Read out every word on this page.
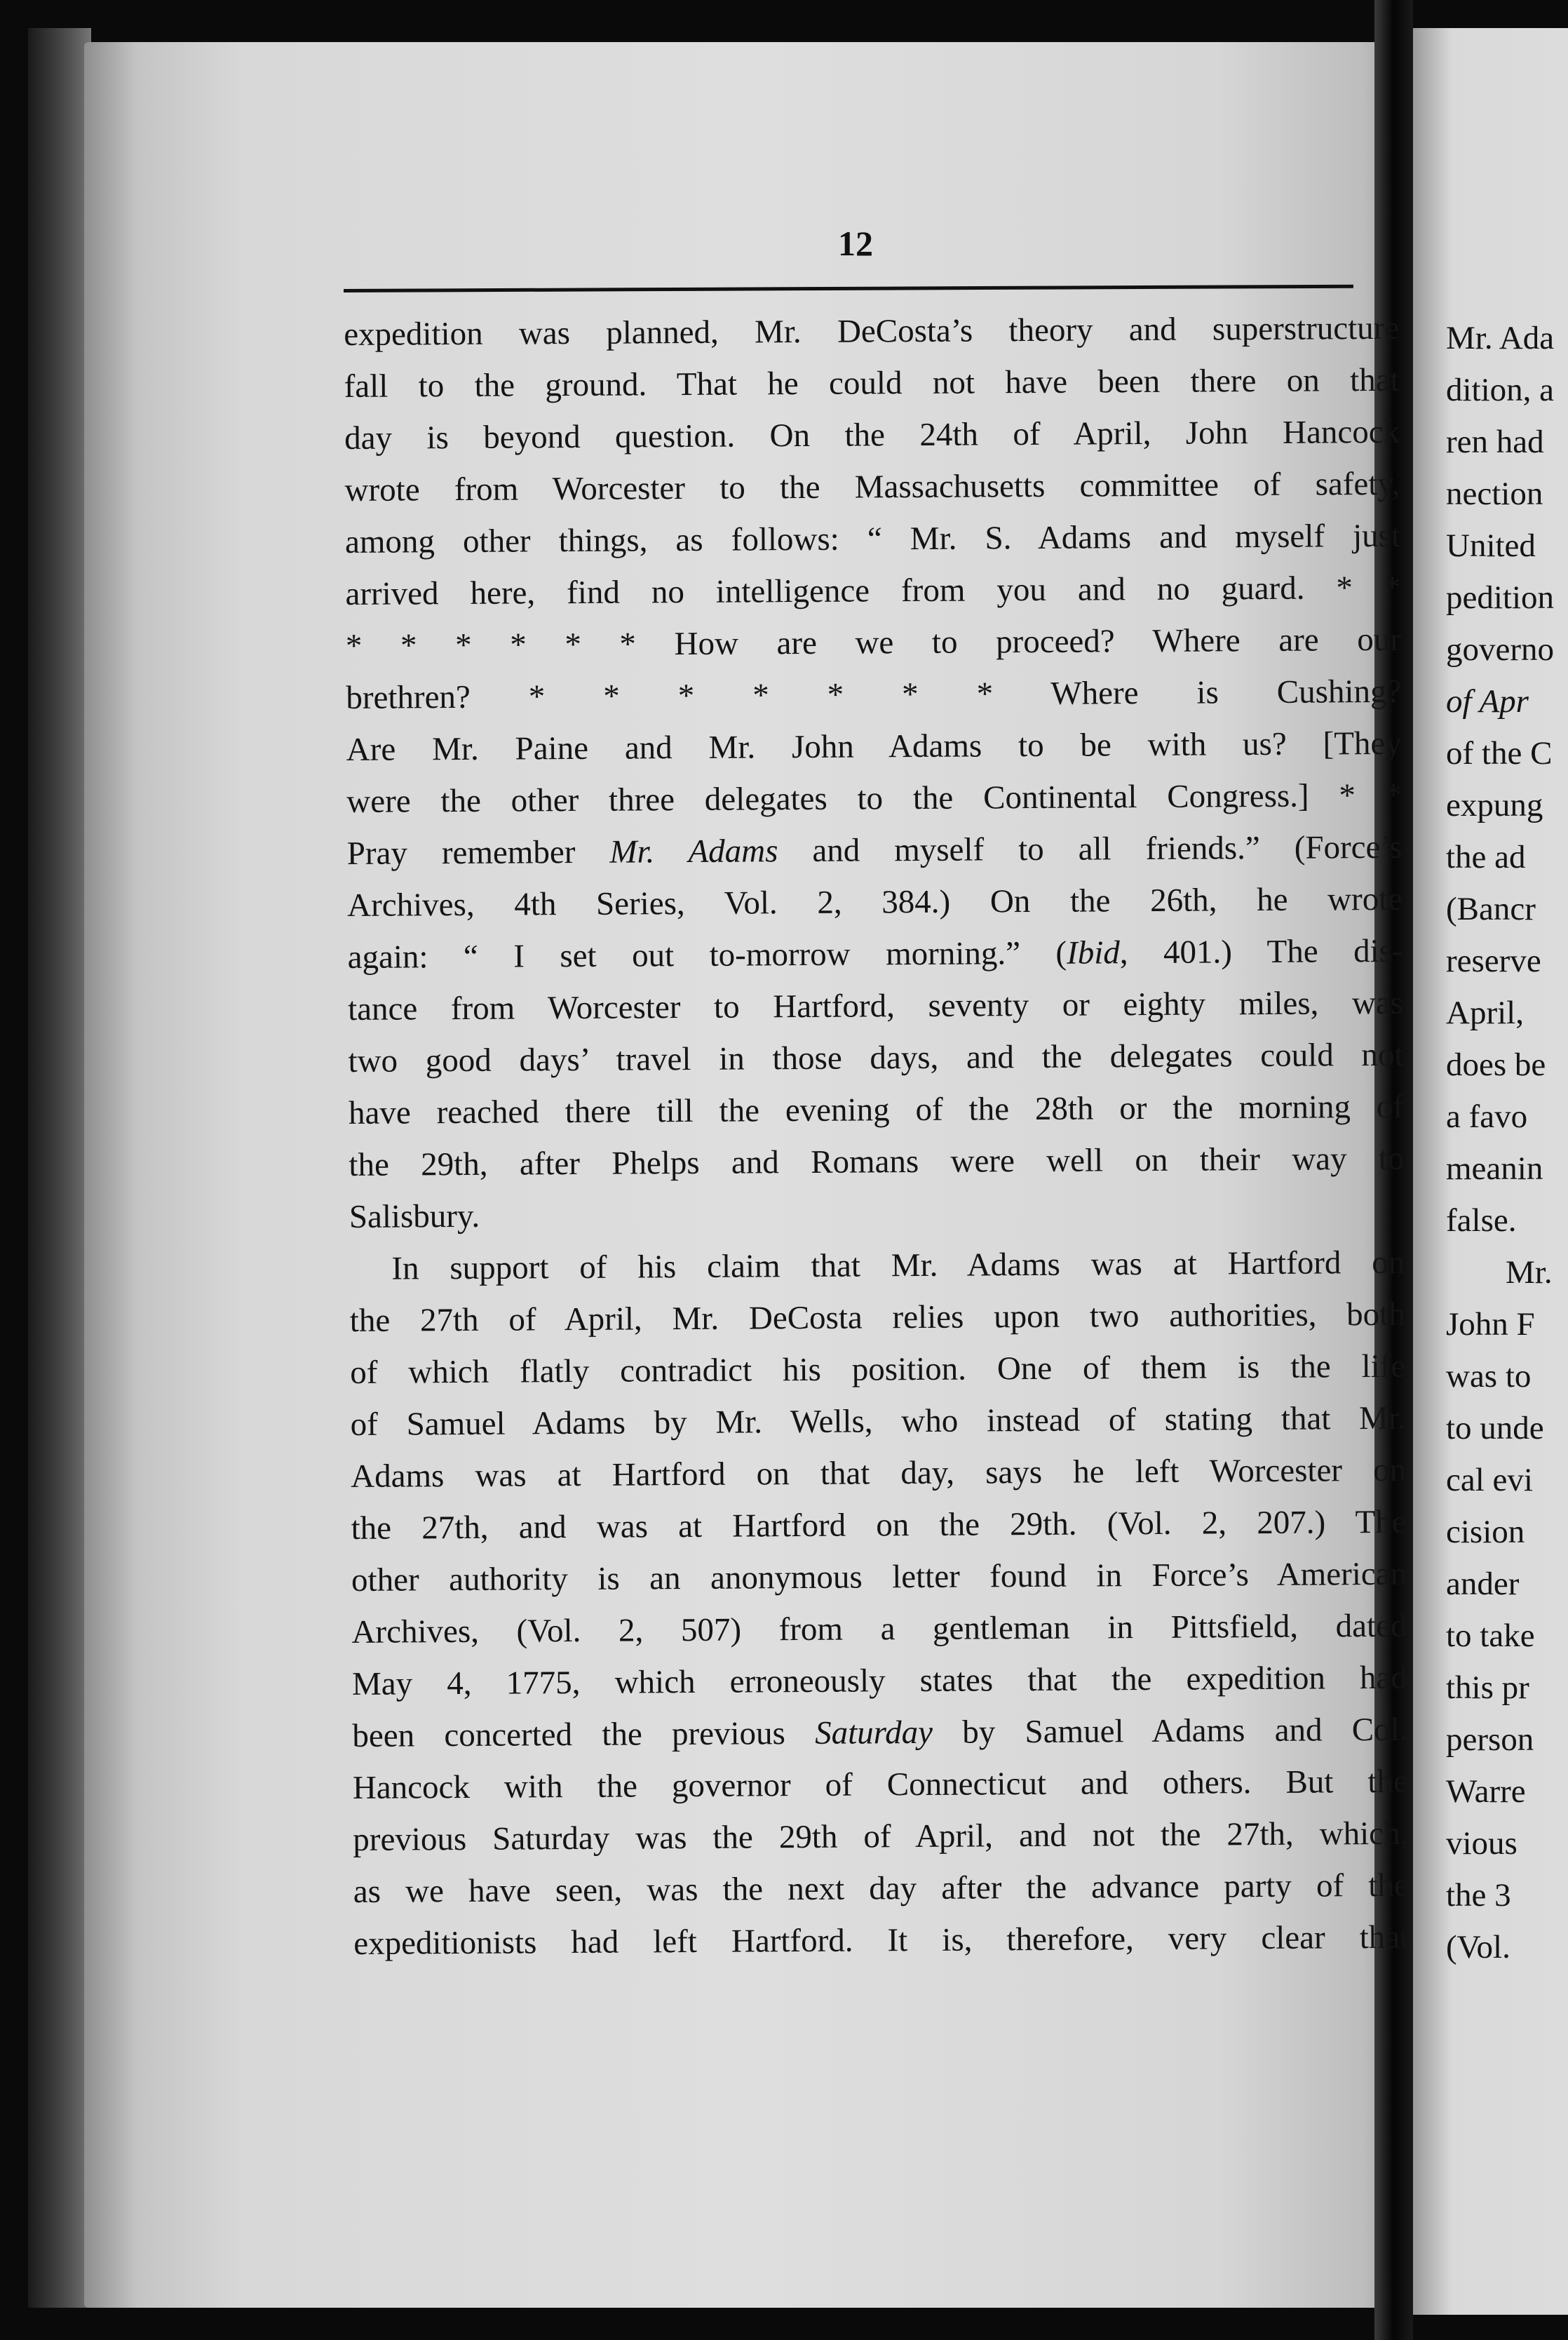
12

expedition was planned, Mr. DeCosta’s theory and superstructure

fall to the ground. That he could not have been there on that

day is beyond question. On the 24th of April, John Hancock

wrote from Worcester to the Massachusetts committee of safety,

among other things, as follows: “ Mr. S. Adams and myself just

arrived here, find no intelligence from you and no guard. * *

* * * * * * How are we to proceed? Where are our

brethren? * * * * * * * Where is Cushing?

Are Mr. Paine and Mr. John Adams to be with us? [They

were the other three delegates to the Continental Congress.] * *

Pray remember Mr. Adams and myself to all friends.” (Force’s

Archives, 4th Series, Vol. 2, 384.) On the 26th, he wrote

again: “ I set out to-morrow morning.” (Ibid, 401.) The dis-

tance from Worcester to Hartford, seventy or eighty miles, was

two good days’ travel in those days, and the delegates could not

have reached there till the evening of the 28th or the morning of

the 29th, after Phelps and Romans were well on their way to

Salisbury.

In support of his claim that Mr. Adams was at Hartford on

the 27th of April, Mr. DeCosta relies upon two authorities, both

of which flatly contradict his position. One of them is the life

of Samuel Adams by Mr. Wells, who instead of stating that Mr.

Adams was at Hartford on that day, says he left Worcester on

the 27th, and was at Hartford on the 29th. (Vol. 2, 207.) The

other authority is an anonymous letter found in Force’s American

Archives, (Vol. 2, 507) from a gentleman in Pittsfield, dated

May 4, 1775, which erroneously states that the expedition had

been concerted the previous Saturday by Samuel Adams and Col.

Hancock with the governor of Connecticut and others. But the

previous Saturday was the 29th of April, and not the 27th, which,

as we have seen, was the next day after the advance party of the

expeditionists had left Hartford. It is, therefore, very clear that

Mr. Ada
dition, a
ren had
nection
United
pedition
governo
of Apr
of the C
expung
the ad
(Bancr
reserve
April,
does be
a favo
meanin
false.
Mr.
John F
was to
to unde
cal evi
cision
ander
to take
this pr
person
Warre
vious
the 3
(Vol.
